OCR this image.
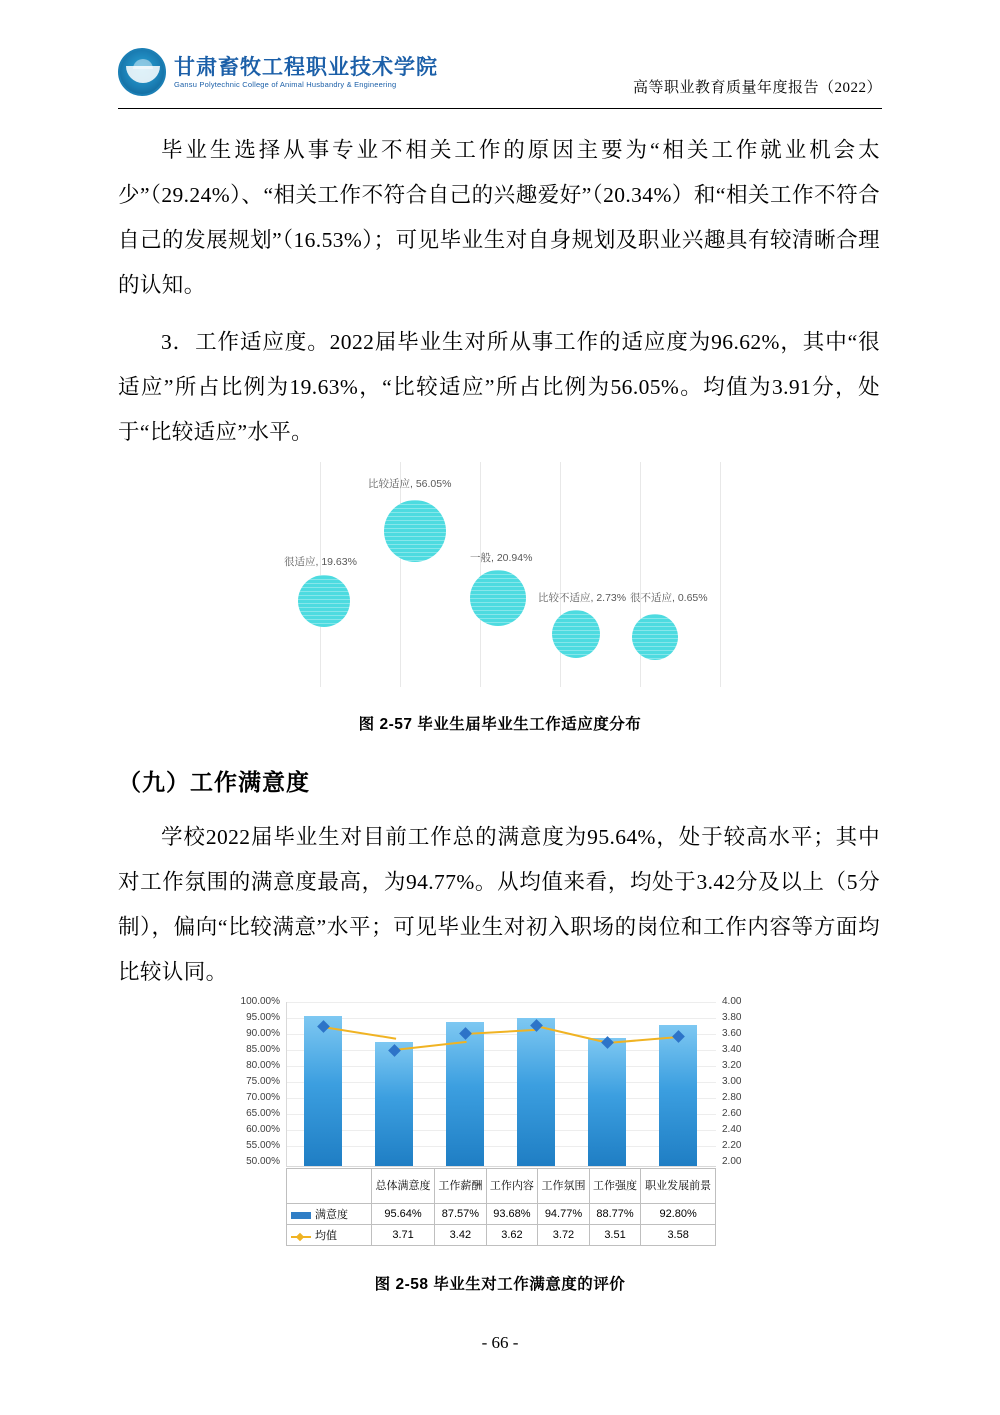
甘肃畜牧工程职业技术学院
Gansu Polytechnic College of Animal Husbandry & Engineering	高等职业教育质量年度报告（2022）

毕业生选择从事专业不相关工作的原因主要为“相关工作就业机会太少”（29.24%）、“相关工作不符合自己的兴趣爱好”（20.34%）和“相关工作不符合自己的发展规划”（16.53%）；可见毕业生对自身规划及职业兴趣具有较清晰合理的认知。

3．工作适应度。2022届毕业生对所从事工作的适应度为96.62%，其中“很适应”所占比例为19.63%，“比较适应”所占比例为56.05%。均值为3.91分，处于“比较适应”水平。

很适应, 19.63%
比较适应, 56.05%
一般, 20.94%
比较不适应, 2.73% 很不适应, 0.65%
图 2-57 毕业生届毕业生工作适应度分布
（九）工作满意度

学校2022届毕业生对目前工作总的满意度为95.64%，处于较高水平；其中对工作氛围的满意度最高，为94.77%。从均值来看，均处于3.42分及以上（5分制），偏向“比较满意”水平；可见毕业生对初入职场的岗位和工作内容等方面均比较认同。

100.00%
95.00%
90.00%
85.00%
80.00%
75.00%
70.00%
65.00%
60.00%
55.00%
50.00%
4.00
3.80
3.60
3.40
3.20
3.00
2.80
2.60
2.40
2.20
2.00
	总体满意度	工作薪酬	工作内容	工作氛围	工作强度	职业发展前景
满意度	95.64%	87.57%	93.68%	94.77%	88.77%	92.80%
均值	3.71	3.42	3.62	3.72	3.51	3.58
图 2-58 毕业生对工作满意度的评价
- 66 -
